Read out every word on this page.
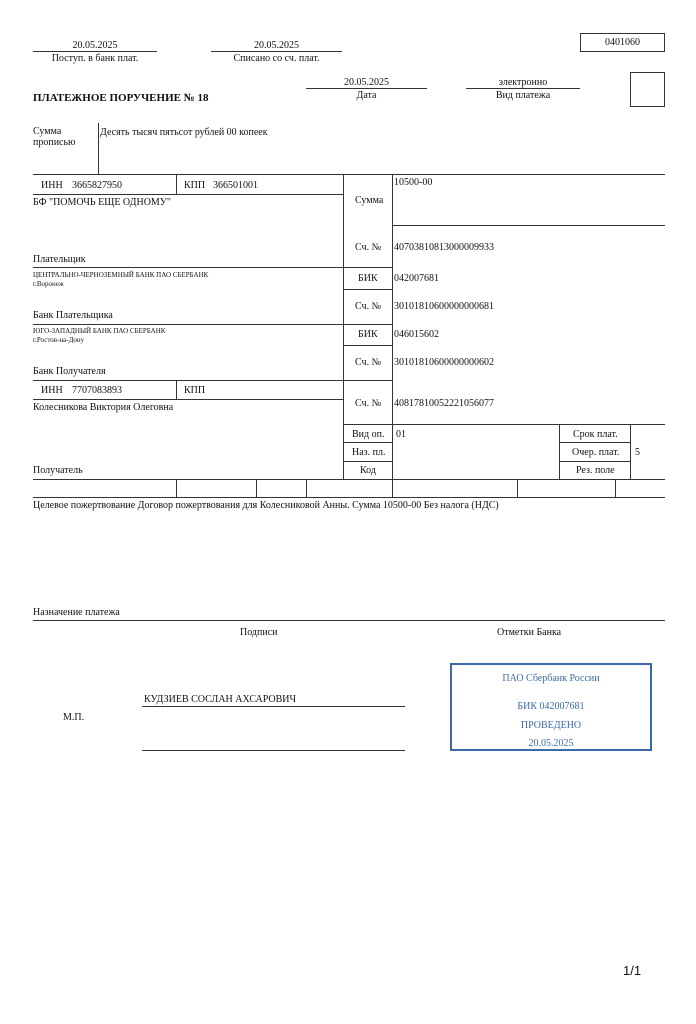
0401060
20.05.2025
Поступ. в банк плат.
20.05.2025
Списано со сч. плат.
ПЛАТЕЖНОЕ ПОРУЧЕНИЕ № 18
20.05.2025
Дата
электронно
Вид платежа
Сумма
прописью
Десять тысяч пятьсот рублей 00 копеек
ИНН 3665827950	КПП 366501001
БФ "ПОМОЧЬ ЕЩЕ ОДНОМУ"
Плательщик
Сумма
10500-00
Сч. № 40703810813000009933
ЦЕНТРАЛЬНО-ЧЕРНОЗЕМНЫЙ БАНК ПАО СБЕРБАНК
г.Воронеж
Банк Плательщика
БИК 042007681
Сч. № 30101810600000000681
ЮГО-ЗАПАДНЫЙ БАНК ПАО СБЕРБАНК
г.Ростов-на-Дону
Банк Получателя
БИК 046015602
Сч. № 30101810600000000602
ИНН 7707083893	КПП
Колесникова Виктория Олеговна
Получатель
Сч. № 40817810052221056077
Вид оп. 01
Наз. пл.
Код
Срок плат.
Очер. плат. 5
Рез. поле
Целевое пожертвование Договор пожертвования для Колесниковой Анны. Сумма 10500-00 Без налога (НДС)
Назначение платежа
Подписи	Отметки Банка
М.П.
КУДЗИЕВ СОСЛАН АХСАРОВИЧ
ПАО Сбербанк России
БИК 042007681
ПРОВЕДЕНО
20.05.2025
1/1
